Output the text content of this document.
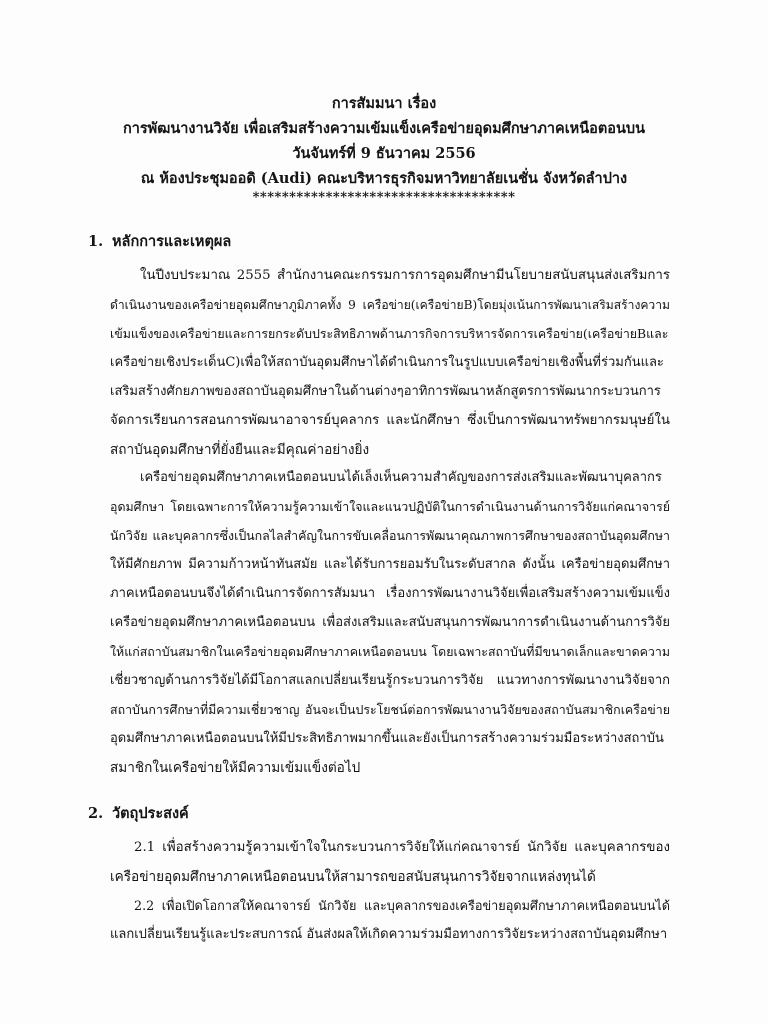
การสัมมนา เรื่อง
การพัฒนางานวิจัย เพื่อเสริมสร้างความเข้มแข็งเครือข่ายอุดมศึกษาภาคเหนือตอนบน
วันจันทร์ที่ 9 ธันวาคม 2556
ณ ห้องประชุมออดิ (Audi) คณะบริหารธุรกิจมหาวิทยาลัยเนชั่น จังหวัดลำปาง
************************************
1. หลักการและเหตุผล
ในปีงบประมาณ 2555 สำนักงานคณะกรรมการการอุดมศึกษามีนโยบายสนับสนุนส่งเสริมการ
ดำเนินงานของเครือข่ายอุดมศึกษาภูมิภาคทั้ง 9 เครือข่าย(เครือข่ายB)โดยมุ่งเน้นการพัฒนาเสริมสร้างความ
เข้มแข็งของเครือข่ายและการยกระดับประสิทธิภาพด้านภารกิจการบริหารจัดการเครือข่าย(เครือข่ายBและ
เครือข่ายเชิงประเด็นC)เพื่อให้สถาบันอุดมศึกษาได้ดำเนินการในรูปแบบเครือข่ายเชิงพื้นที่ร่วมกันและ
เสริมสร้างศักยภาพของสถาบันอุดมศึกษาในด้านต่างๆอาทิการพัฒนาหลักสูตรการพัฒนากระบวนการ
จัดการเรียนการสอนการพัฒนาอาจารย์บุคลากร และนักศึกษา ซึ่งเป็นการพัฒนาทรัพยากรมนุษย์ใน
สถาบันอุดมศึกษาที่ยั่งยืนและมีคุณค่าอย่างยิ่ง
เครือข่ายอุดมศึกษาภาคเหนือตอนบนได้เล็งเห็นความสำคัญของการส่งเสริมและพัฒนาบุคลากร
อุดมศึกษา โดยเฉพาะการให้ความรู้ความเข้าใจและแนวปฏิบัติในการดำเนินงานด้านการวิจัยแก่คณาจารย์
นักวิจัย และบุคลากรซึ่งเป็นกลไลสำคัญในการขับเคลื่อนการพัฒนาคุณภาพการศึกษาของสถาบันอุดมศึกษา
ให้มีศักยภาพ มีความก้าวหน้าทันสมัย และได้รับการยอมรับในระดับสากล ดังนั้น เครือข่ายอุดมศึกษา
ภาคเหนือตอนบนจึงได้ดำเนินการจัดการสัมมนา เรื่องการพัฒนางานวิจัยเพื่อเสริมสร้างความเข้มแข็ง
เครือข่ายอุดมศึกษาภาคเหนือตอนบน เพื่อส่งเสริมและสนับสนุนการพัฒนาการดำเนินงานด้านการวิจัย
ให้แก่สถาบันสมาชิกในเครือข่ายอุดมศึกษาภาคเหนือตอนบน โดยเฉพาะสถาบันที่มีขนาดเล็กและขาดความ
เชี่ยวชาญด้านการวิจัยได้มีโอกาสแลกเปลี่ยนเรียนรู้กระบวนการวิจัย แนวทางการพัฒนางานวิจัยจาก
สถาบันการศึกษาที่มีความเชี่ยวชาญ อันจะเป็นประโยชน์ต่อการพัฒนางานวิจัยของสถาบันสมาชิกเครือข่าย
อุดมศึกษาภาคเหนือตอนบนให้มีประสิทธิภาพมากขึ้นและยังเป็นการสร้างความร่วมมือระหว่างสถาบัน
สมาชิกในเครือข่ายให้มีความเข้มแข็งต่อไป
2. วัตถุประสงค์
2.1 เพื่อสร้างความรู้ความเข้าใจในกระบวนการวิจัยให้แก่คณาจารย์ นักวิจัย และบุคลากรของ
เครือข่ายอุดมศึกษาภาคเหนือตอนบนให้สามารถขอสนับสนุนการวิจัยจากแหล่งทุนได้
2.2 เพื่อเปิดโอกาสให้คณาจารย์ นักวิจัย และบุคลากรของเครือข่ายอุดมศึกษาภาคเหนือตอนบนได้
แลกเปลี่ยนเรียนรู้และประสบการณ์ อันส่งผลให้เกิดความร่วมมือทางการวิจัยระหว่างสถาบันอุดมศึกษา
